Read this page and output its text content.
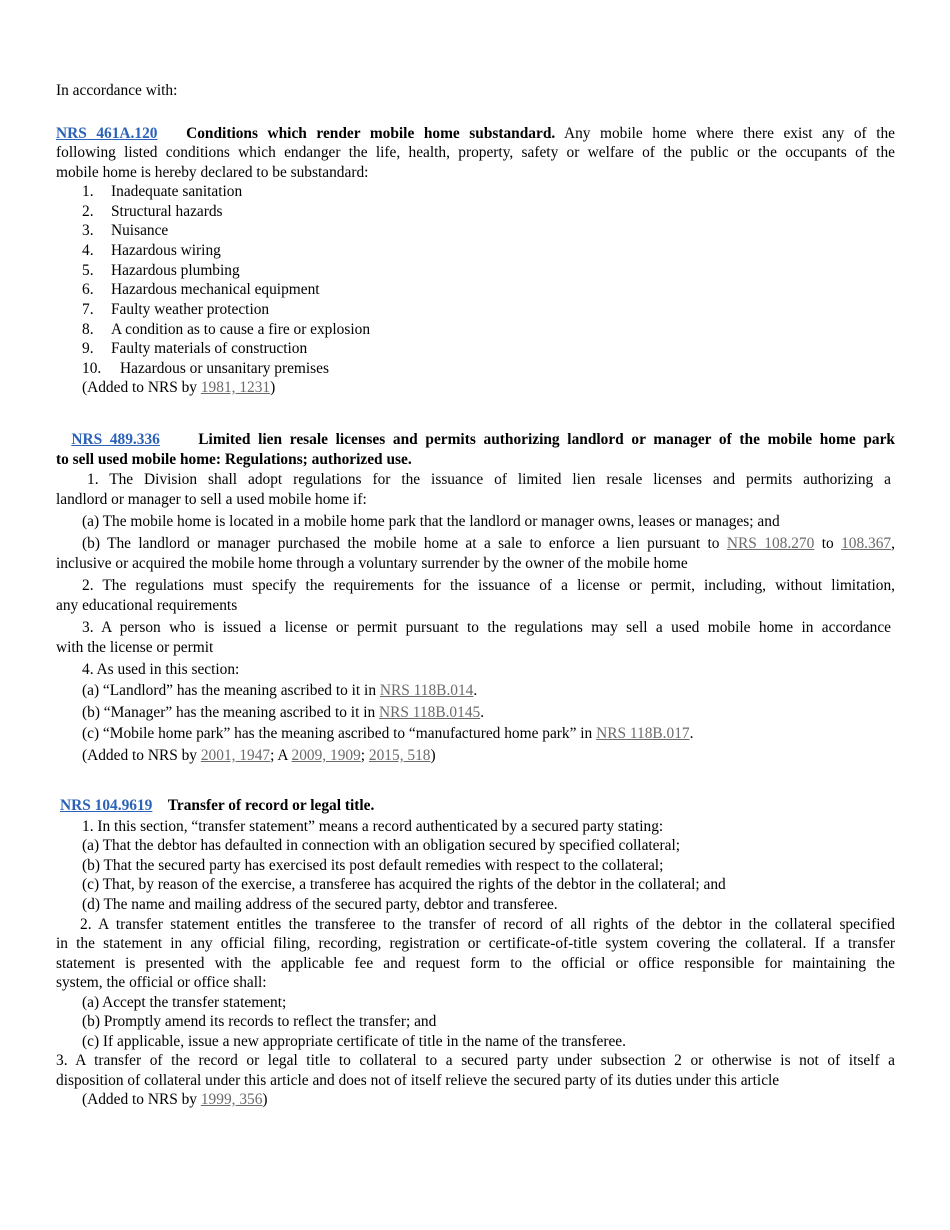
In accordance with:
NRS 461A.120 Conditions which render mobile home substandard. Any mobile home where there exist any of the
following listed conditions which endanger the life, health, property, safety or welfare of the public or the occupants of the
mobile home is hereby declared to be substandard:
1. Inadequate sanitation
2. Structural hazards
3. Nuisance
4. Hazardous wiring
5. Hazardous plumbing
6. Hazardous mechanical equipment
7. Faulty weather protection
8. A condition as to cause a fire or explosion
9. Faulty materials of construction
10. Hazardous or unsanitary premises
(Added to NRS by 1981, 1231)
NRS 489.336 Limited lien resale licenses and permits authorizing landlord or manager of the mobile home park
to sell used mobile home: Regulations; authorized use.
1. The Division shall adopt regulations for the issuance of limited lien resale licenses and permits authorizing a
landlord or manager to sell a used mobile home if:
(a) The mobile home is located in a mobile home park that the landlord or manager owns, leases or manages; and
(b) The landlord or manager purchased the mobile home at a sale to enforce a lien pursuant to NRS 108.270 to 108.367,
inclusive or acquired the mobile home through a voluntary surrender by the owner of the mobile home
2. The regulations must specify the requirements for the issuance of a license or permit, including, without limitation,
any educational requirements
3. A person who is issued a license or permit pursuant to the regulations may sell a used mobile home in accordance
with the license or permit
4. As used in this section:
(a) “Landlord” has the meaning ascribed to it in NRS 118B.014.
(b) “Manager” has the meaning ascribed to it in NRS 118B.0145.
(c) “Mobile home park” has the meaning ascribed to “manufactured home park” in NRS 118B.017.
(Added to NRS by 2001, 1947; A 2009, 1909; 2015, 518)
NRS 104.9619 Transfer of record or legal title.
1. In this section, “transfer statement” means a record authenticated by a secured party stating:
(a) That the debtor has defaulted in connection with an obligation secured by specified collateral;
(b) That the secured party has exercised its post default remedies with respect to the collateral;
(c) That, by reason of the exercise, a transferee has acquired the rights of the debtor in the collateral; and
(d) The name and mailing address of the secured party, debtor and transferee.
2. A transfer statement entitles the transferee to the transfer of record of all rights of the debtor in the collateral specified
in the statement in any official filing, recording, registration or certificate-of-title system covering the collateral. If a transfer
statement is presented with the applicable fee and request form to the official or office responsible for maintaining the
system, the official or office shall:
(a) Accept the transfer statement;
(b) Promptly amend its records to reflect the transfer; and
(c) If applicable, issue a new appropriate certificate of title in the name of the transferee.
3. A transfer of the record or legal title to collateral to a secured party under subsection 2 or otherwise is not of itself a
disposition of collateral under this article and does not of itself relieve the secured party of its duties under this article
(Added to NRS by 1999, 356)
